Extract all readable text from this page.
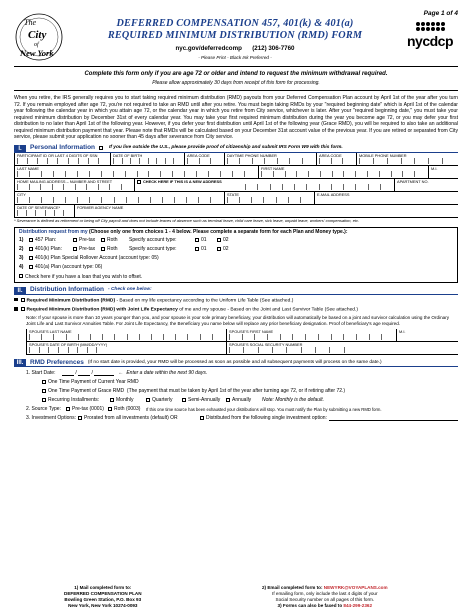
The
City
of
New York
DEFERRED COMPENSATION 457, 401(k) & 401(a)
REQUIRED MINIMUM DISTRIBUTION (RMD) FORM
nyc.gov/deferredcomp (212) 306-7760
- Please Print - Black Ink Preferred -
Page 1 of 4
nycdcp
Complete this form only if you are age 72 or older and intend to request the minimum withdrawal required.
Please allow approximately 30 days from receipt of this form for processing.
When you retire, the IRS generally requires you to start taking required minimum distribution (RMD) payouts from your Deferred Compensation Plan account by April 1st of the year after you turn 72. If you remain employed after age 72, you're not required to take an RMD until after you retire. You must begin taking RMDs by your "required beginning date" which is April 1st of the calendar year following the calendar year in which you attain age 72, or the calendar year in which you retire from City service, whichever is later. After your "required beginning date," you must take your required minimum distribution by December 31st of every calendar year. You may take your first required minimum distribution during the year you become age 72, or you may defer your first distribution to no later than April 1st of the following year. However, if you defer your first distribution until April 1st of the following year (Grace RMD), you will be required to also take an additional required minimum distribution payment that year. Please note that RMDs will be calculated based on your December 31st account value of the previous year. If you are retired or separated from City service, please submit your application no sooner than 45 days after severance from City service.
I.	Personal Information	If you live outside the U.S., please provide proof of citizenship and submit IRS Form W9 with this form.
PARTICIPANT ID OR LAST 4 DIGITS OF SSN	DATE OF BIRTH	AREA CODE	DAYTIME PHONE NUMBER	AREA CODE	MOBILE PHONE NUMBER
LAST NAME	FIRST NAME	M.I.
HOME MAILING ADDRESS – NUMBER AND STREET	CHECK HERE IF THIS IS A NEW ADDRESS	APARTMENT NO.
CITY	STATE	E-MAIL ADDRESS
DATE OF SEVERANCE*	FORMER AGENCY NAME
* Severance is defined as retirement or being off City payroll and does not include leaves of absence such as terminal leave, child care leave, sick leave, unpaid leave, workers' compensation, etc.
Distribution request from my (Choose only one from choices 1 - 4 below. Please complete a separate form for each Plan and Money type.):
1)	457 Plan:	Pre-tax	Roth	Specify account type:	01	02
2)	401(k) Plan:	Pre-tax	Roth	Specify account type:	01	02
3)	401(k) Plan Special Rollover Account (account type: 05)
4)	401(a) Plan (account type: 06)
Check here if you have a loan that you wish to offset.
II.	Distribution Information - Check one below:
Required Minimum Distribution (RMD) - Based on my life expectancy according to the Uniform Life Table (See attached.)
Required Minimum Distribution (RMD) with Joint Life Expectancy of me and my spouse - Based on the Joint and Last Survivor Table (See attached.)
Note: If your spouse is more than 10 years younger than you, and your spouse is your sole primary beneficiary, your distribution will automatically be based on a joint and survivor calculation using the Ordinary Joint Life and Last Survivor Annuities Table. For Joint Life Expectancy, the Beneficiary you name below will replace any prior beneficiary designation. Proof of beneficiary's age required.
SPOUSE'S LAST NAME	SPOUSE'S FIRST NAME	M.I.
SPOUSE'S DATE OF BIRTH (MM/DD/YYYY)	SPOUSE'S SOCIAL SECURITY NUMBER
III.	RMD Preferences (If no start date is provided, your RMD will be processed as soon as possible and all subsequent payments will process on the same date.)
1. Start Date:	/
/	← Enter a date within the next 90 days.
One Time Payment of Current Year RMD
One Time Payment of Grace RMD
(The payment that must be taken by April 1st of the year after turning age 72, or if retiring after 72.)
Recurring Installments:	Monthly	Quarterly	Semi-Annually	Annually	Note: Monthly is the default.
2. Source Type:	Pre-tax (0001)	Roth (0003)	If this one time source has been exhausted your distributions will stop. You must notify the Plan by submitting a new RMD form.
3. Investment Options:	Prorated from all investments (default) OR	Distributed from the following single investment option:
1) Mail completed form to:
DEFERRED COMPENSATION PLAN
Bowling Green Station, P.O. Box 93
New York, New York 10274-0093
2) Email completed form to: NEWYRK@VOYAPLANS.com
If emailing form, only include the last 4 digits of your
Social Security number on all pages of this form.
3) Forms can also be faxed to 844-299-2362
